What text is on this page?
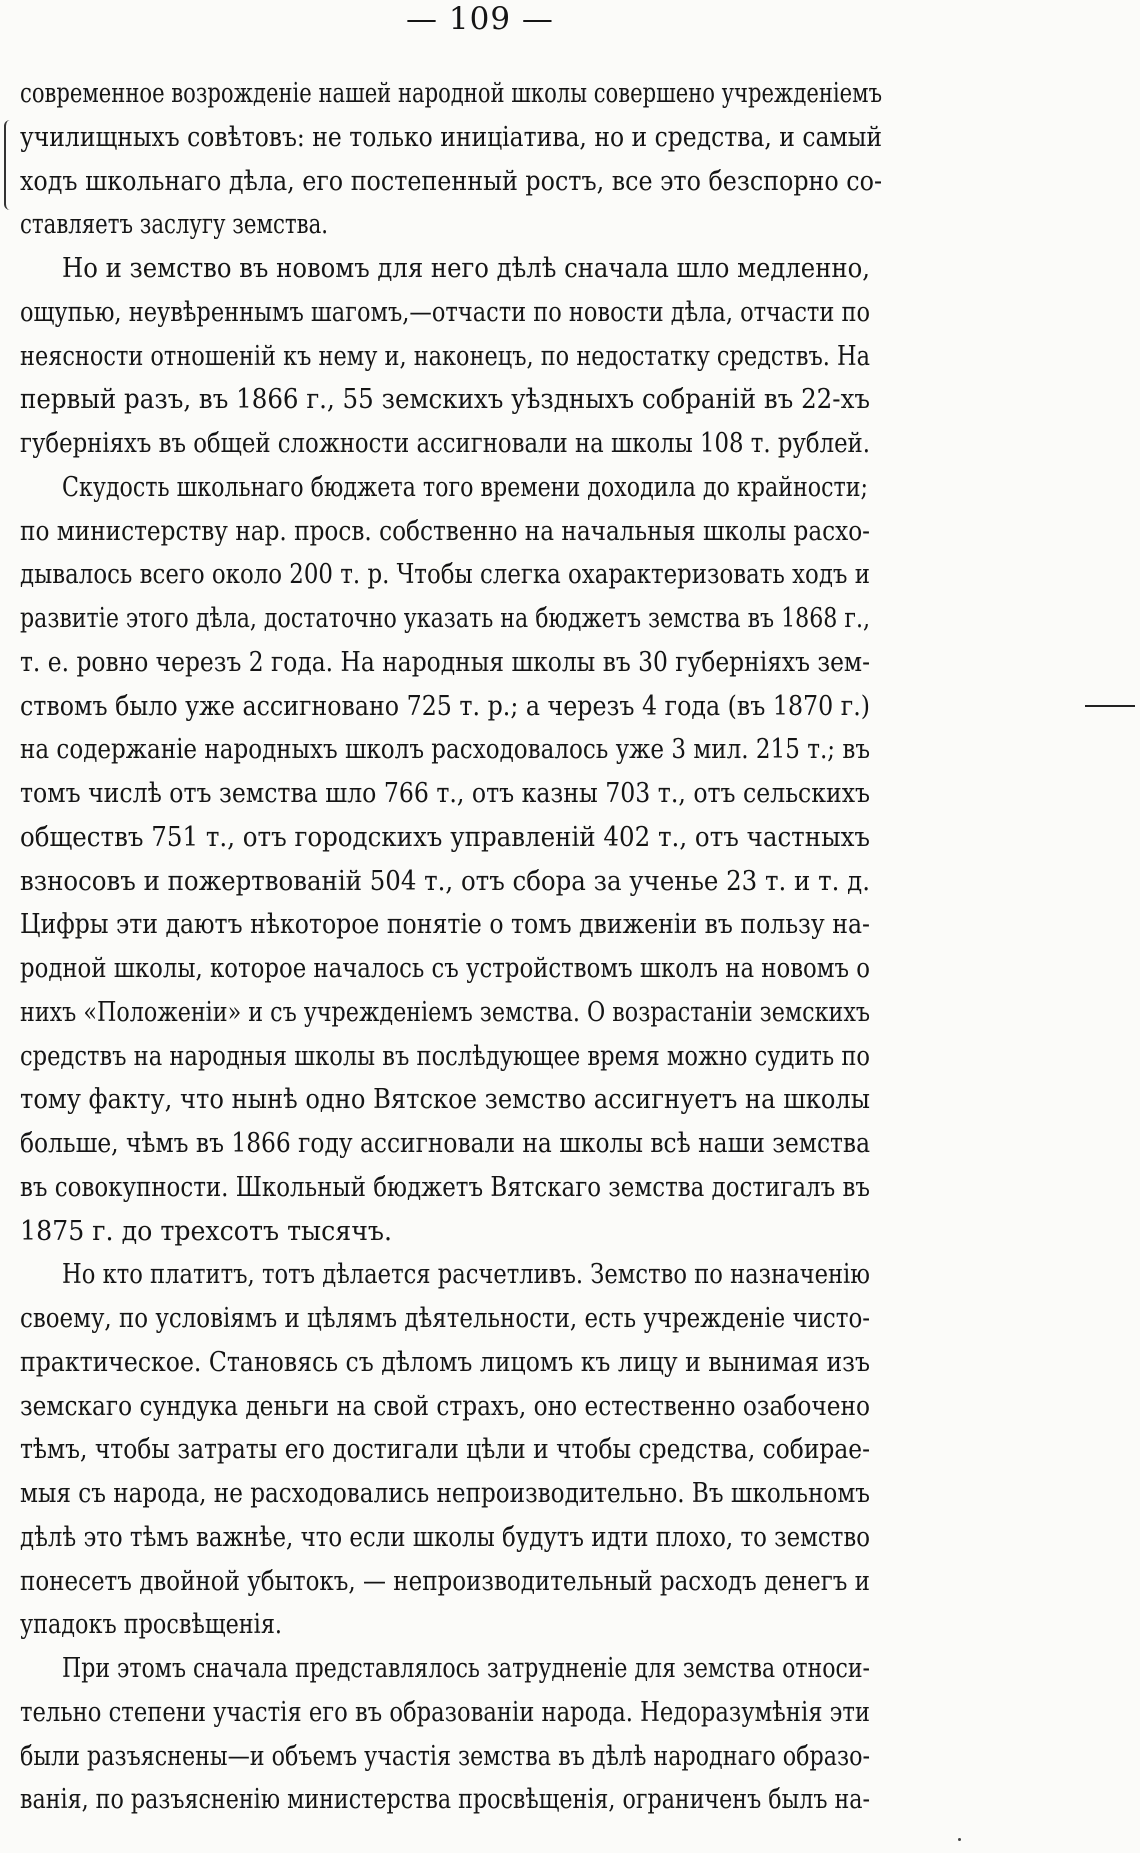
— 109 —
современное возрожденіе нашей народной школы совершено учрежденіемъ
училищныхъ совѣтовъ: не только иниціатива, но и средства, и самый
ходъ школьнаго дѣла, его постепенный ростъ, все это безспорно со-
ставляетъ заслугу земства.
Но и земство въ новомъ для него дѣлѣ сначала шло медленно,
ощупью, неувѣреннымъ шагомъ,—отчасти по новости дѣла, отчасти по
неясности отношеній къ нему и, наконецъ, по недостатку средствъ. На
первый разъ, въ 1866 г., 55 земскихъ уѣздныхъ собраній въ 22-хъ
губерніяхъ въ общей сложности ассигновали на школы 108 т. рублей.
Скудость школьнаго бюджета того времени доходила до крайности;
по министерству нар. просв. собственно на начальныя школы расхо-
дывалось всего около 200 т. р. Чтобы слегка охарактеризовать ходъ и
развитіе этого дѣла, достаточно указать на бюджетъ земства въ 1868 г.,
т. е. ровно черезъ 2 года. На народныя школы въ 30 губерніяхъ зем-
ствомъ было уже ассигновано 725 т. р.; а черезъ 4 года (въ 1870 г.)
на содержаніе народныхъ школъ расходовалось уже 3 мил. 215 т.; въ
томъ числѣ отъ земства шло 766 т., отъ казны 703 т., отъ сельскихъ
обществъ 751 т., отъ городскихъ управленій 402 т., отъ частныхъ
взносовъ и пожертвованій 504 т., отъ сбора за ученье 23 т. и т. д.
Цифры эти даютъ нѣкоторое понятіе о томъ движеніи въ пользу на-
родной школы, которое началось съ устройствомъ школъ на новомъ о
нихъ «Положеніи» и съ учрежденіемъ земства. О возрастаніи земскихъ
средствъ на народныя школы въ послѣдующее время можно судить по
тому факту, что нынѣ одно Вятское земство ассигнуетъ на школы
больше, чѣмъ въ 1866 году ассигновали на школы всѣ наши земства
въ совокупности. Школьный бюджетъ Вятскаго земства достигалъ въ
1875 г. до трехсотъ тысячъ.
Но кто платитъ, тотъ дѣлается расчетливъ. Земство по назначенію
своему, по условіямъ и цѣлямъ дѣятельности, есть учрежденіе чисто-
практическое. Становясь съ дѣломъ лицомъ къ лицу и вынимая изъ
земскаго сундука деньги на свой страхъ, оно естественно озабочено
тѣмъ, чтобы затраты его достигали цѣли и чтобы средства, собирае-
мыя съ народа, не расходовались непроизводительно. Въ школьномъ
дѣлѣ это тѣмъ важнѣе, что если школы будутъ идти плохо, то земство
понесетъ двойной убытокъ, — непроизводительный расходъ денегъ и
упадокъ просвѣщенія.
При этомъ сначала представлялось затрудненіе для земства относи-
тельно степени участія его въ образованіи народа. Недоразумѣнія эти
были разъяснены—и объемъ участія земства въ дѣлѣ народнаго образо-
ванія, по разъясненію министерства просвѣщенія, ограниченъ былъ на-
